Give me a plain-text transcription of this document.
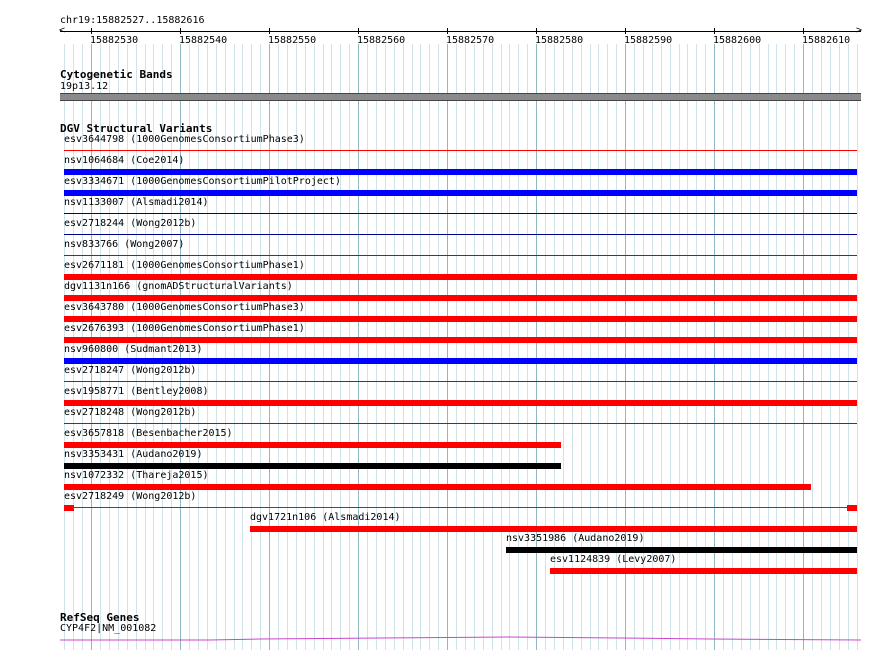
chr19:15882527..15882616
<	>
15882530	15882540	15882550	15882560	15882570	15882580	15882590	15882600	15882610
Cytogenetic Bands
19p13.12
DGV Structural Variants
esv3644798 (1000GenomesConsortiumPhase3)
nsv1064684 (Coe2014)
esv3334671 (1000GenomesConsortiumPilotProject)
nsv1133007 (Alsmadi2014)
esv2718244 (Wong2012b)
nsv833766 (Wong2007)
esv2671181 (1000GenomesConsortiumPhase1)
dgv1131n166 (gnomADStructuralVariants)
esv3643780 (1000GenomesConsortiumPhase3)
esv2676393 (1000GenomesConsortiumPhase1)
nsv960800 (Sudmant2013)
esv2718247 (Wong2012b)
esv1958771 (Bentley2008)
esv2718248 (Wong2012b)
esv3657818 (Besenbacher2015)
nsv3353431 (Audano2019)
nsv1072332 (Thareja2015)
esv2718249 (Wong2012b)
dgv1721n106 (Alsmadi2014)
nsv3351986 (Audano2019)
esv1124839 (Levy2007)
RefSeq Genes
CYP4F2|NM_001082
